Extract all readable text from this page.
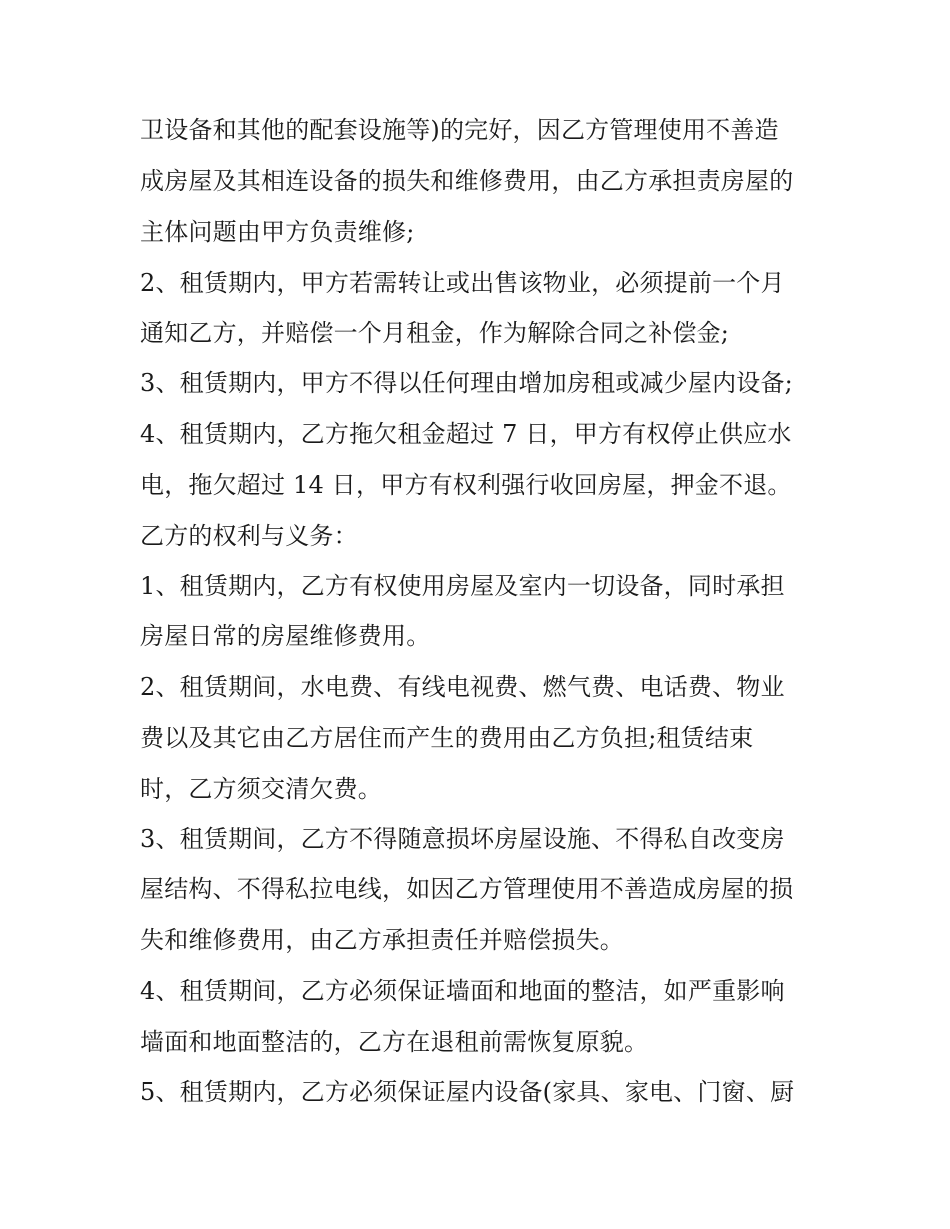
卫设备和其他的配套设施等)的完好，因乙方管理使用不善造
成房屋及其相连设备的损失和维修费用，由乙方承担责房屋的
主体问题由甲方负责维修;
2、租赁期内，甲方若需转让或出售该物业，必须提前一个月
通知乙方，并赔偿一个月租金，作为解除合同之补偿金;
3、租赁期内，甲方不得以任何理由增加房租或减少屋内设备;
4、租赁期内，乙方拖欠租金超过 7 日，甲方有权停止供应水
电，拖欠超过 14 日，甲方有权利强行收回房屋，押金不退。
乙方的权利与义务：
1、租赁期内，乙方有权使用房屋及室内一切设备，同时承担
房屋日常的房屋维修费用。
2、租赁期间，水电费、有线电视费、燃气费、电话费、物业
费以及其它由乙方居住而产生的费用由乙方负担;租赁结束
时，乙方须交清欠费。
3、租赁期间，乙方不得随意损坏房屋设施、不得私自改变房
屋结构、不得私拉电线，如因乙方管理使用不善造成房屋的损
失和维修费用，由乙方承担责任并赔偿损失。
4、租赁期间，乙方必须保证墙面和地面的整洁，如严重影响
墙面和地面整洁的，乙方在退租前需恢复原貌。
5、租赁期内，乙方必须保证屋内设备(家具、家电、门窗、厨
